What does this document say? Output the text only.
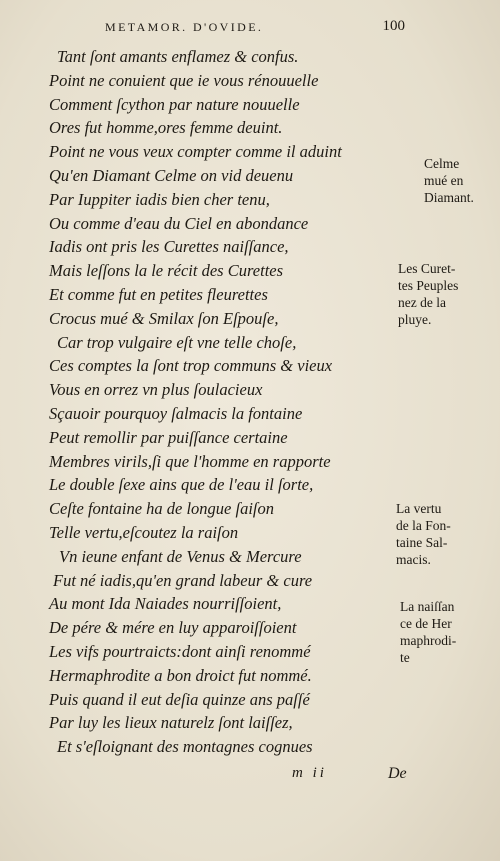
METAMOR. D'OVIDE.	100
Tant ſont amants enflamez & confus.
Point ne conuient que ie vous rénouuelle
Comment ſcython par nature nouuelle
Ores fut homme,ores femme deuint.
Point ne vous veux compter comme il aduint
Qu'en Diamant Celme on vid deuenu
Par Iuppiter iadis bien cher tenu,
Ou comme d'eau du Ciel en abondance
Iadis ont pris les Curettes naiſſance,
Mais leſſons la le récit des Curettes
Et comme fut en petites fleurettes
Crocus mué & Smilax ſon Eſpouſe,
Car trop vulgaire eſt vne telle choſe,
Ces comptes la ſont trop communs & vieux
Vous en orrez vn plus ſoulacieux
Sçauoir pourquoy ſalmacis la fontaine
Peut remollir par puiſſance certaine
Membres virils,ſi que l'homme en rapporte
Le double ſexe ains que de l'eau il ſorte,
Ceſte fontaine ha de longue ſaiſon
Telle vertu,eſcoutez la raiſon
Vn ieune enfant de Venus & Mercure
Fut né iadis,qu'en grand labeur & cure
Au mont Ida Naiades nourriſſoient,
De pére & mére en luy apparoiſſoient
Les vifs pourtraicts:dont ainſi renommé
Hermaphrodite a bon droict fut nommé.
Puis quand il eut deſia quinze ans paſſé
Par luy les lieux naturelz ſont laiſſez,
Et s'eſloignant des montagnes cognues
Celme
mué en
Diamant.
Les Curet-
tes Peuples
nez de la
pluye.
La vertu
de la Fon-
taine Sal-
macis.
La naiſſan
ce de Her
maphrodi-
te
m ii	De
